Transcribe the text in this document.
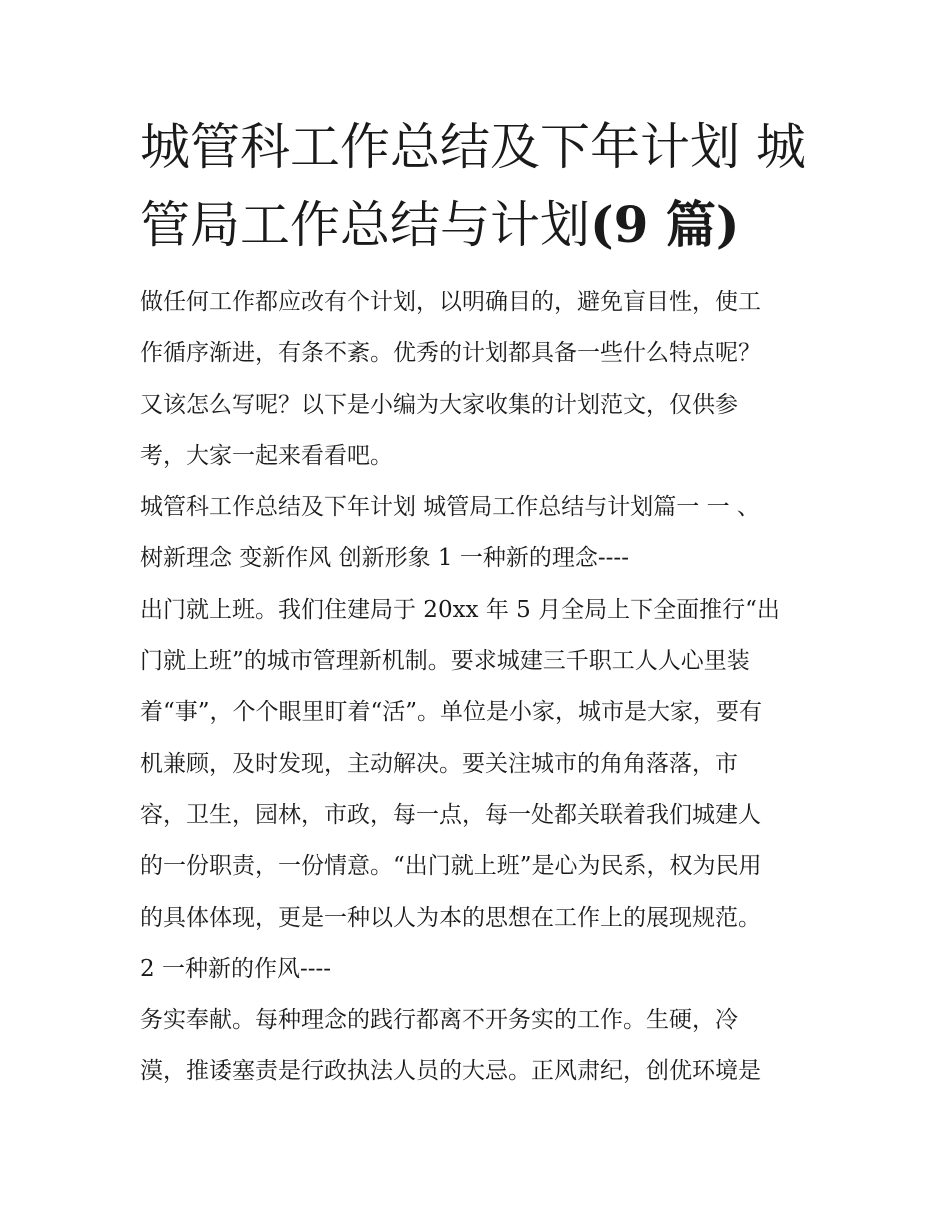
城管科工作总结及下年计划 城
管局工作总结与计划(9 篇)
做任何工作都应改有个计划，以明确目的，避免盲目性，使工
作循序渐进，有条不紊。优秀的计划都具备一些什么特点呢？
又该怎么写呢？以下是小编为大家收集的计划范文，仅供参
考，大家一起来看看吧。
城管科工作总结及下年计划 城管局工作总结与计划篇一 一 、
树新理念 变新作风 创新形象 1 一种新的理念----
出门就上班。我们住建局于 20xx 年 5 月全局上下全面推行“出
门就上班”的城市管理新机制。要求城建三千职工人人心里装
着“事”，个个眼里盯着“活”。单位是小家，城市是大家，要有
机兼顾，及时发现，主动解决。要关注城市的角角落落，市
容，卫生，园林，市政，每一点，每一处都关联着我们城建人
的一份职责，一份情意。“出门就上班”是心为民系，权为民用
的具体体现，更是一种以人为本的思想在工作上的展现规范。
2 一种新的作风----
务实奉献。每种理念的践行都离不开务实的工作。生硬，冷
漠，推诿塞责是行政执法人员的大忌。正风肃纪，创优环境是
